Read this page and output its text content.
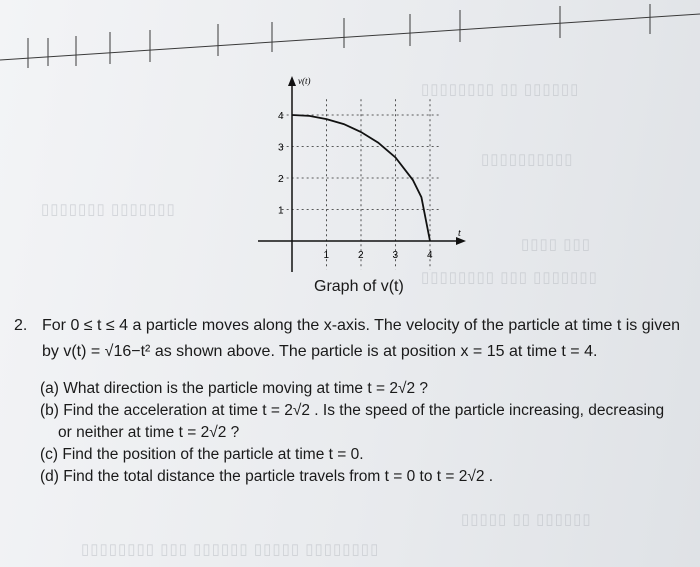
▯▯▯▯▯▯ ▯▯ ▯▯▯▯▯▯▯▯
▯▯▯▯▯▯▯▯▯▯
▯▯▯▯▯▯▯ ▯▯▯▯▯▯▯
▯▯▯ ▯▯▯▯
▯▯▯▯▯▯▯ ▯▯▯ ▯▯▯▯▯▯▯▯
▯▯▯▯▯▯ ▯▯ ▯▯▯▯▯
▯▯▯▯▯▯▯▯ ▯▯▯▯▯ ▯▯▯▯▯▯ ▯▯▯ ▯▯▯▯▯▯▯▯
v(t)
t
1
2
3
4
1	2	3	4
Graph of v(t)
2. For 0 ≤ t ≤ 4 a particle moves along the x-axis. The velocity of the particle at time t is given
by v(t) = √16−t² as shown above. The particle is at position x = 15 at time t = 4.
(a) What direction is the particle moving at time t = 2√2 ?
(b) Find the acceleration at time t = 2√2 . Is the speed of the particle increasing, decreasing
or neither at time t = 2√2 ?
(c) Find the position of the particle at time t = 0.
(d) Find the total distance the particle travels from t = 0 to t = 2√2 .
